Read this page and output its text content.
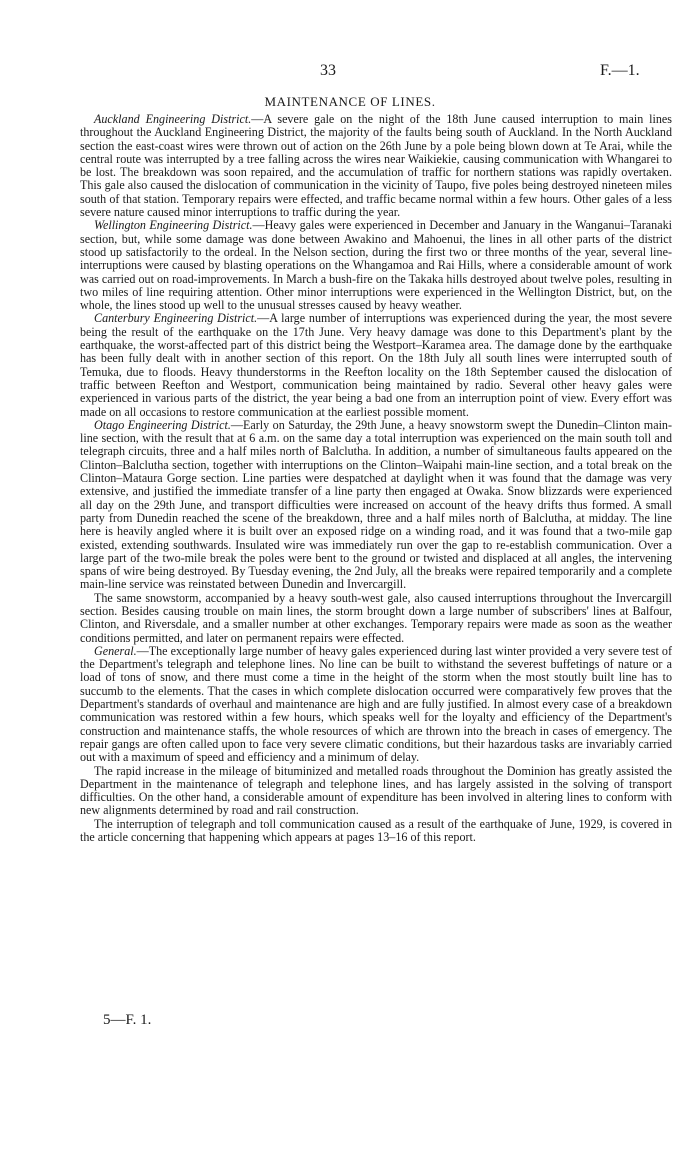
33	F.—1.
MAINTENANCE OF LINES.

Auckland Engineering District.—A severe gale on the night of the 18th June caused interruption to main lines throughout the Auckland Engineering District, the majority of the faults being south of Auckland. In the North Auckland section the east-coast wires were thrown out of action on the 26th June by a pole being blown down at Te Arai, while the central route was interrupted by a tree falling across the wires near Waikiekie, causing communication with Whangarei to be lost. The breakdown was soon repaired, and the accumulation of traffic for northern stations was rapidly overtaken. This gale also caused the dislocation of communication in the vicinity of Taupo, five poles being destroyed nineteen miles south of that station. Temporary repairs were effected, and traffic became normal within a few hours. Other gales of a less severe nature caused minor interruptions to traffic during the year.

Wellington Engineering District.—Heavy gales were experienced in December and January in the Wanganui–Taranaki section, but, while some damage was done between Awakino and Mahoenui, the lines in all other parts of the district stood up satisfactorily to the ordeal. In the Nelson section, during the first two or three months of the year, several line-interruptions were caused by blasting operations on the Whangamoa and Rai Hills, where a considerable amount of work was carried out on road-improvements. In March a bush-fire on the Takaka hills destroyed about twelve poles, resulting in two miles of line requiring attention. Other minor interruptions were experienced in the Wellington District, but, on the whole, the lines stood up well to the unusual stresses caused by heavy weather.

Canterbury Engineering District.—A large number of interruptions was experienced during the year, the most severe being the result of the earthquake on the 17th June. Very heavy damage was done to this Department's plant by the earthquake, the worst-affected part of this district being the Westport–Karamea area. The damage done by the earthquake has been fully dealt with in another section of this report. On the 18th July all south lines were interrupted south of Temuka, due to floods. Heavy thunderstorms in the Reefton locality on the 18th September caused the dislocation of traffic between Reefton and Westport, communication being maintained by radio. Several other heavy gales were experienced in various parts of the district, the year being a bad one from an interruption point of view. Every effort was made on all occasions to restore communication at the earliest possible moment.

Otago Engineering District.—Early on Saturday, the 29th June, a heavy snowstorm swept the Dunedin–Clinton main-line section, with the result that at 6 a.m. on the same day a total interruption was experienced on the main south toll and telegraph circuits, three and a half miles north of Balclutha. In addition, a number of simultaneous faults appeared on the Clinton–Balclutha section, together with interruptions on the Clinton–Waipahi main-line section, and a total break on the Clinton–Mataura Gorge section. Line parties were despatched at daylight when it was found that the damage was very extensive, and justified the immediate transfer of a line party then engaged at Owaka. Snow blizzards were experienced all day on the 29th June, and transport difficulties were increased on account of the heavy drifts thus formed. A small party from Dunedin reached the scene of the breakdown, three and a half miles north of Balclutha, at midday. The line here is heavily angled where it is built over an exposed ridge on a winding road, and it was found that a two-mile gap existed, extending southwards. Insulated wire was immediately run over the gap to re-establish communication. Over a large part of the two-mile break the poles were bent to the ground or twisted and displaced at all angles, the intervening spans of wire being destroyed. By Tuesday evening, the 2nd July, all the breaks were repaired temporarily and a complete main-line service was reinstated between Dunedin and Invercargill.

The same snowstorm, accompanied by a heavy south-west gale, also caused interruptions throughout the Invercargill section. Besides causing trouble on main lines, the storm brought down a large number of subscribers' lines at Balfour, Clinton, and Riversdale, and a smaller number at other exchanges. Temporary repairs were made as soon as the weather conditions permitted, and later on permanent repairs were effected.

General.—The exceptionally large number of heavy gales experienced during last winter provided a very severe test of the Department's telegraph and telephone lines. No line can be built to withstand the severest buffetings of nature or a load of tons of snow, and there must come a time in the height of the storm when the most stoutly built line has to succumb to the elements. That the cases in which complete dislocation occurred were comparatively few proves that the Department's standards of overhaul and maintenance are high and are fully justified. In almost every case of a breakdown communication was restored within a few hours, which speaks well for the loyalty and efficiency of the Department's construction and maintenance staffs, the whole resources of which are thrown into the breach in cases of emergency. The repair gangs are often called upon to face very severe climatic conditions, but their hazardous tasks are invariably carried out with a maximum of speed and efficiency and a minimum of delay.

The rapid increase in the mileage of bituminized and metalled roads throughout the Dominion has greatly assisted the Department in the maintenance of telegraph and telephone lines, and has largely assisted in the solving of transport difficulties. On the other hand, a considerable amount of expenditure has been involved in altering lines to conform with new alignments determined by road and rail construction.

The interruption of telegraph and toll communication caused as a result of the earthquake of June, 1929, is covered in the article concerning that happening which appears at pages 13–16 of this report.

5—F. 1.
